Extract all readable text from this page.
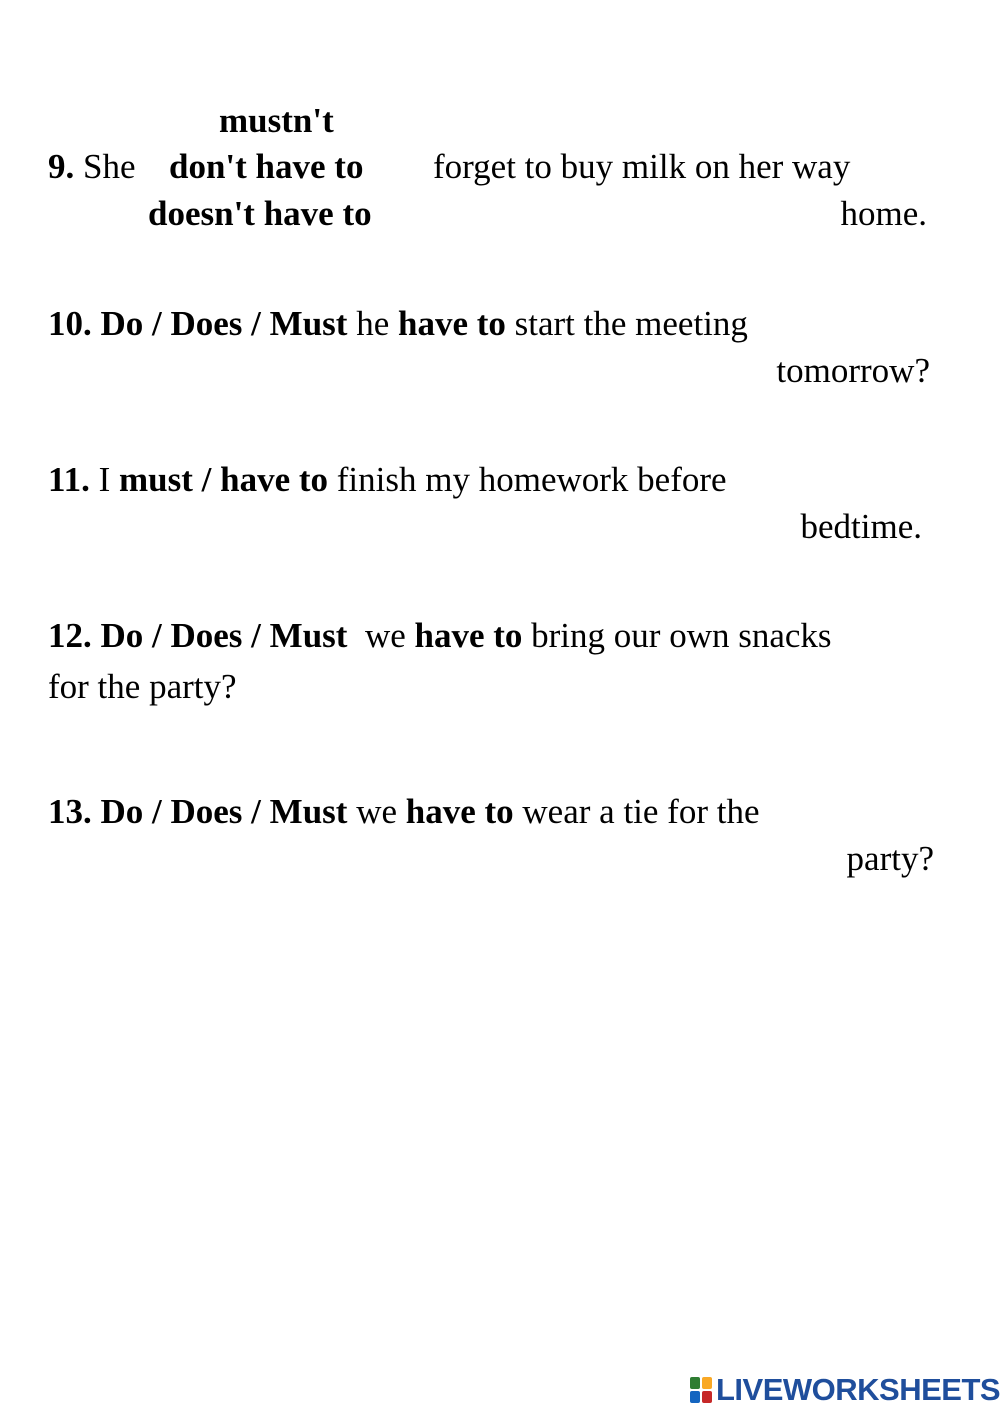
mustn't
9. She don't have to forget to buy milk on her way
doesn't have to	home.
10. Do / Does / Must he have to start the meeting
tomorrow?
11. I must / have to finish my homework before
bedtime.
12. Do / Does / Must we have to bring our own snacks
for the party?
13. Do / Does / Must we have to wear a tie for the
party?
LIVEWORKSHEETS
